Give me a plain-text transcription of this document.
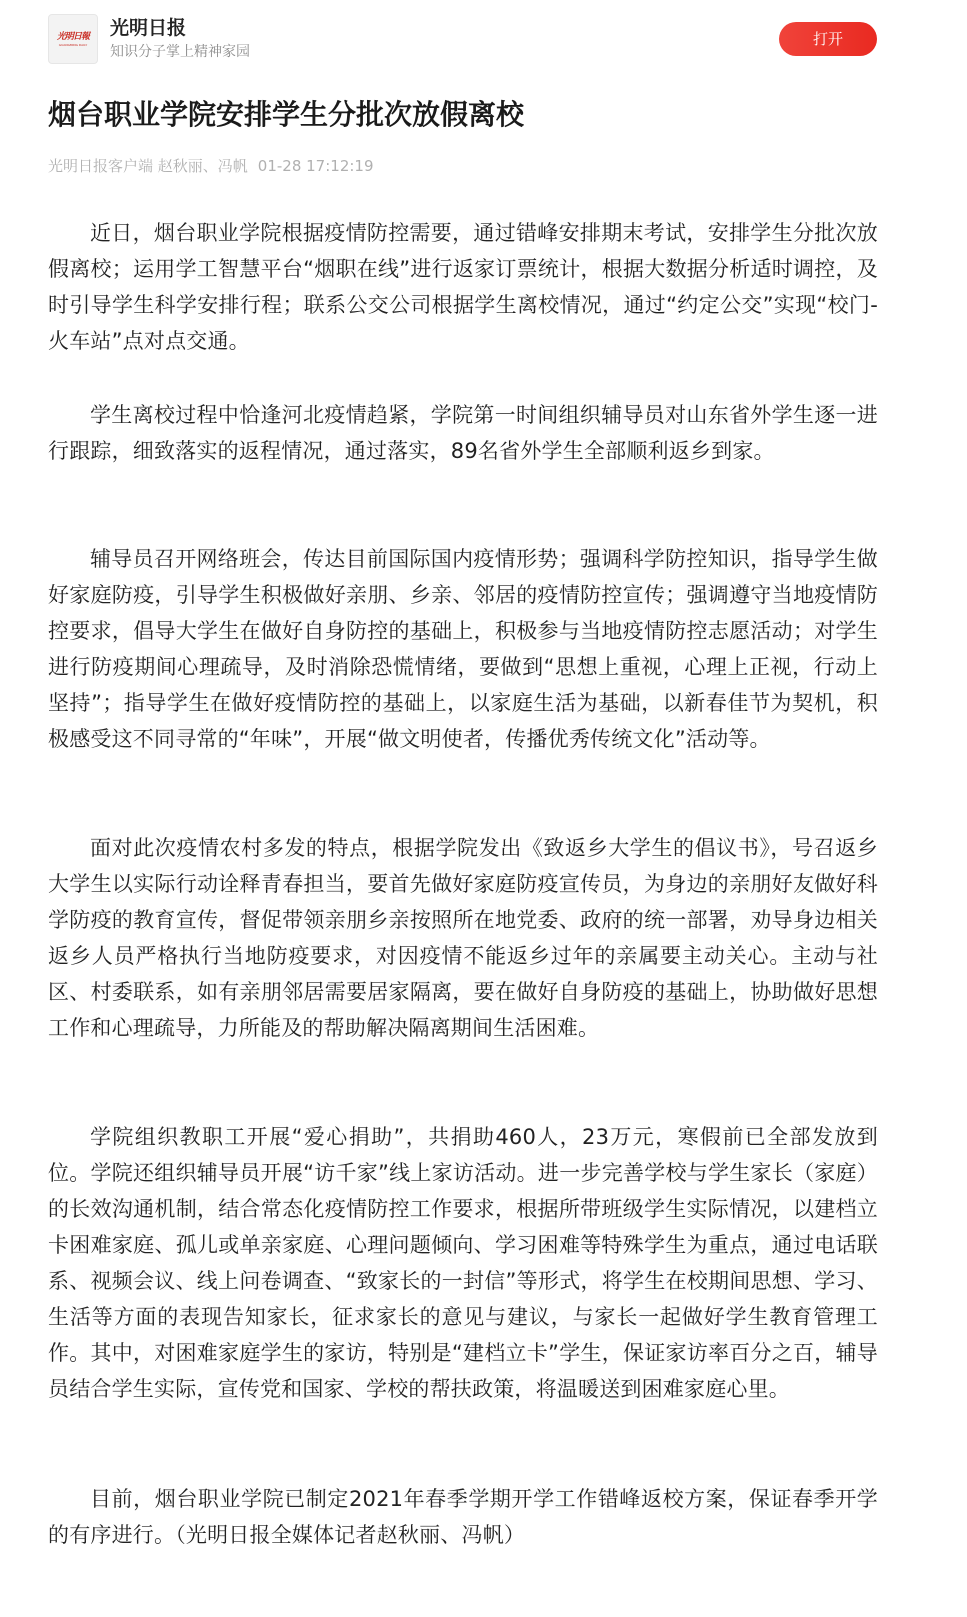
光明日報
GUANGMING DAILY
光明日报
知识分子掌上精神家园
打开
烟台职业学院安排学生分批次放假离校
光明日报客户端 赵秋丽、冯帆 01-28 17:12:19

近日，烟台职业学院根据疫情防控需要，通过错峰安排期末考试，安排学生分批次放假离校；运用学工智慧平台“烟职在线”进行返家订票统计，根据大数据分析适时调控，及时引导学生科学安排行程；联系公交公司根据学生离校情况，通过“约定公交”实现“校门-火车站”点对点交通。

学生离校过程中恰逢河北疫情趋紧，学院第一时间组织辅导员对山东省外学生逐一进行跟踪，细致落实的返程情况，通过落实，89名省外学生全部顺利返乡到家。

辅导员召开网络班会，传达目前国际国内疫情形势；强调科学防控知识，指导学生做好家庭防疫，引导学生积极做好亲朋、乡亲、邻居的疫情防控宣传；强调遵守当地疫情防控要求，倡导大学生在做好自身防控的基础上，积极参与当地疫情防控志愿活动；对学生进行防疫期间心理疏导，及时消除恐慌情绪，要做到“思想上重视，心理上正视，行动上坚持”；指导学生在做好疫情防控的基础上，以家庭生活为基础，以新春佳节为契机，积极感受这不同寻常的“年味”，开展“做文明使者，传播优秀传统文化”活动等。

面对此次疫情农村多发的特点，根据学院发出《致返乡大学生的倡议书》，号召返乡大学生以实际行动诠释青春担当，要首先做好家庭防疫宣传员，为身边的亲朋好友做好科学防疫的教育宣传，督促带领亲朋乡亲按照所在地党委、政府的统一部署，劝导身边相关返乡人员严格执行当地防疫要求，对因疫情不能返乡过年的亲属要主动关心。主动与社区、村委联系，如有亲朋邻居需要居家隔离，要在做好自身防疫的基础上，协助做好思想工作和心理疏导，力所能及的帮助解决隔离期间生活困难。

学院组织教职工开展“爱心捐助”，共捐助460人，23万元，寒假前已全部发放到位。学院还组织辅导员开展“访千家”线上家访活动。进一步完善学校与学生家长（家庭）的长效沟通机制，结合常态化疫情防控工作要求，根据所带班级学生实际情况，以建档立卡困难家庭、孤儿或单亲家庭、心理问题倾向、学习困难等特殊学生为重点，通过电话联系、视频会议、线上问卷调查、“致家长的一封信”等形式，将学生在校期间思想、学习、生活等方面的表现告知家长，征求家长的意见与建议，与家长一起做好学生教育管理工作。其中，对困难家庭学生的家访，特别是“建档立卡”学生，保证家访率百分之百，辅导员结合学生实际，宣传党和国家、学校的帮扶政策，将温暖送到困难家庭心里。

目前，烟台职业学院已制定2021年春季学期开学工作错峰返校方案，保证春季开学的有序进行。（光明日报全媒体记者赵秋丽、冯帆）
